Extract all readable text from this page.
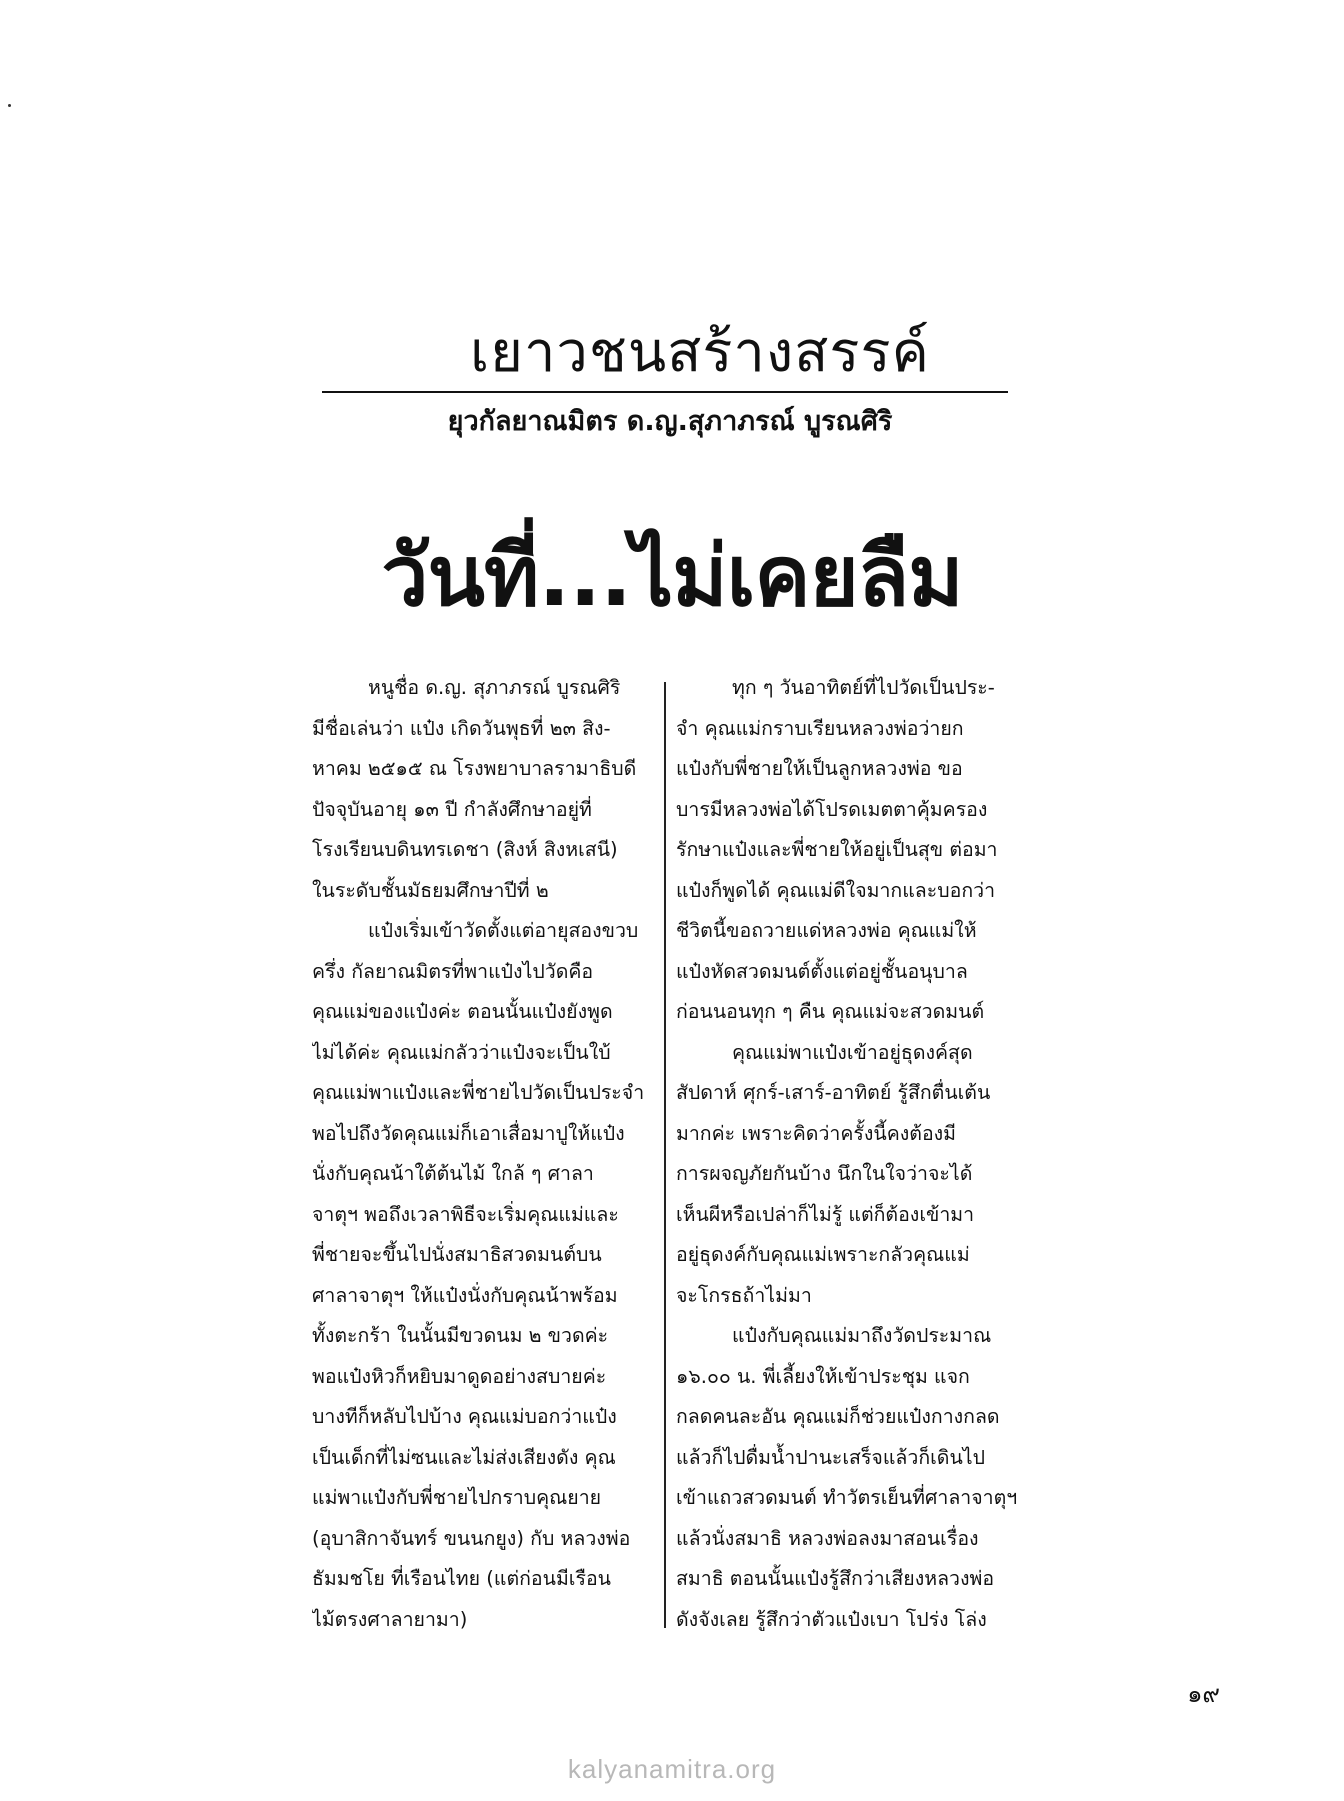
เยาวชนสร้างสรรค์
ยุวกัลยาณมิตร ด.ญ.สุภาภรณ์ บูรณศิริ
วันที่...ไม่เคยลืม
หนูชื่อ ด.ญ. สุภาภรณ์ บูรณศิริ
มีชื่อเล่นว่า แป๋ง เกิดวันพุธที่ ๒๓ สิง-
หาคม ๒๕๑๕ ณ โรงพยาบาลรามาธิบดี
ปัจจุบันอายุ ๑๓ ปี กำลังศึกษาอยู่ที่
โรงเรียนบดินทรเดชา (สิงห์ สิงหเสนี)
ในระดับชั้นมัธยมศึกษาปีที่ ๒
แป๋งเริ่มเข้าวัดตั้งแต่อายุสองขวบ
ครึ่ง กัลยาณมิตรที่พาแป๋งไปวัดคือ
คุณแม่ของแป๋งค่ะ ตอนนั้นแป๋งยังพูด
ไม่ได้ค่ะ คุณแม่กลัวว่าแป๋งจะเป็นใบ้
คุณแม่พาแป๋งและพี่ชายไปวัดเป็นประจำ
พอไปถึงวัดคุณแม่ก็เอาเสื่อมาปูให้แป๋ง
นั่งกับคุณน้าใต้ต้นไม้ ใกล้ ๆ ศาลา
จาตุฯ พอถึงเวลาพิธีจะเริ่มคุณแม่และ
พี่ชายจะขึ้นไปนั่งสมาธิสวดมนต์บน
ศาลาจาตุฯ ให้แป๋งนั่งกับคุณน้าพร้อม
ทั้งตะกร้า ในนั้นมีขวดนม ๒ ขวดค่ะ
พอแป๋งหิวก็หยิบมาดูดอย่างสบายค่ะ
บางทีก็หลับไปบ้าง คุณแม่บอกว่าแป๋ง
เป็นเด็กที่ไม่ซนและไม่ส่งเสียงดัง คุณ
แม่พาแป๋งกับพี่ชายไปกราบคุณยาย
(อุบาสิกาจันทร์ ขนนกยูง) กับ หลวงพ่อ
ธัมมชโย ที่เรือนไทย (แต่ก่อนมีเรือน
ไม้ตรงศาลายามา)
ทุก ๆ วันอาทิตย์ที่ไปวัดเป็นประ-
จำ คุณแม่กราบเรียนหลวงพ่อว่ายก
แป๋งกับพี่ชายให้เป็นลูกหลวงพ่อ ขอ
บารมีหลวงพ่อได้โปรดเมตตาคุ้มครอง
รักษาแป๋งและพี่ชายให้อยู่เป็นสุข ต่อมา
แป๋งก็พูดได้ คุณแม่ดีใจมากและบอกว่า
ชีวิตนี้ขอถวายแด่หลวงพ่อ คุณแม่ให้
แป๋งหัดสวดมนต์ตั้งแต่อยู่ชั้นอนุบาล
ก่อนนอนทุก ๆ คืน คุณแม่จะสวดมนต์
คุณแม่พาแป๋งเข้าอยู่ธุดงค์สุด
สัปดาห์ ศุกร์-เสาร์-อาทิตย์ รู้สึกตื่นเต้น
มากค่ะ เพราะคิดว่าครั้งนี้คงต้องมี
การผจญภัยกันบ้าง นึกในใจว่าจะได้
เห็นผีหรือเปล่าก็ไม่รู้ แต่ก็ต้องเข้ามา
อยู่ธุดงค์กับคุณแม่เพราะกลัวคุณแม่
จะโกรธถ้าไม่มา
แป๋งกับคุณแม่มาถึงวัดประมาณ
๑๖.๐๐ น. พี่เลี้ยงให้เข้าประชุม แจก
กลดคนละอัน คุณแม่ก็ช่วยแป๋งกางกลด
แล้วก็ไปดื่มน้ำปานะเสร็จแล้วก็เดินไป
เข้าแถวสวดมนต์ ทำวัตรเย็นที่ศาลาจาตุฯ
แล้วนั่งสมาธิ หลวงพ่อลงมาสอนเรื่อง
สมาธิ ตอนนั้นแป๋งรู้สึกว่าเสียงหลวงพ่อ
ดังจังเลย รู้สึกว่าตัวแป๋งเบา โปร่ง โล่ง
๑๙
kalyanamitra.org
